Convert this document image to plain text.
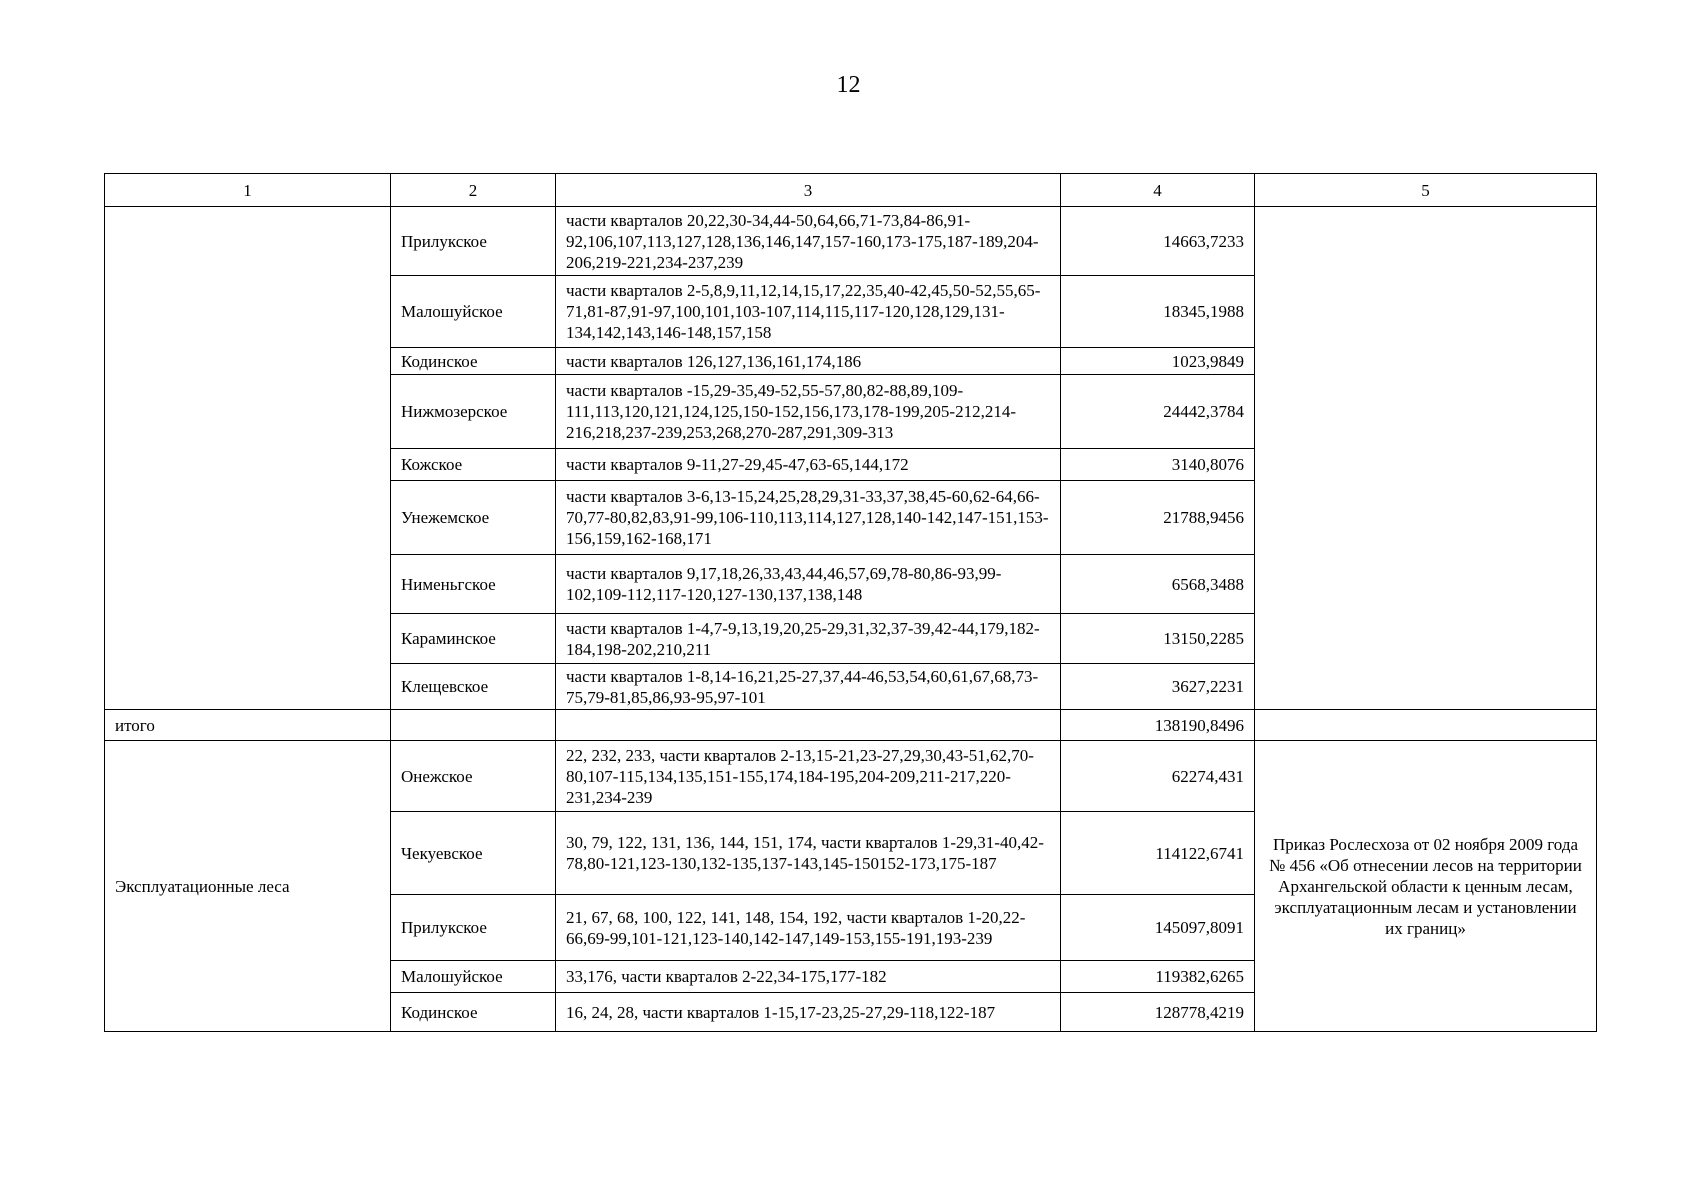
12
1	2	3	4	5
	Прилукское	части кварталов 20,22,30-34,44-50,64,66,71-73,84-86,91-92,106,107,113,127,128,136,146,147,157-160,173-175,187-189,204-206,219-221,234-237,239	14663,7233	
	Малошуйское	части кварталов 2-5,8,9,11,12,14,15,17,22,35,40-42,45,50-52,55,65-71,81-87,91-97,100,101,103-107,114,115,117-120,128,129,131-134,142,143,146-148,157,158	18345,1988	
	Кодинское	части кварталов 126,127,136,161,174,186	1023,9849	
	Нижмозерское	части кварталов -15,29-35,49-52,55-57,80,82-88,89,109-111,113,120,121,124,125,150-152,156,173,178-199,205-212,214-216,218,237-239,253,268,270-287,291,309-313	24442,3784	
	Кожское	части кварталов 9-11,27-29,45-47,63-65,144,172	3140,8076	
	Унежемское	части кварталов 3-6,13-15,24,25,28,29,31-33,37,38,45-60,62-64,66-70,77-80,82,83,91-99,106-110,113,114,127,128,140-142,147-151,153-156,159,162-168,171	21788,9456	
	Нименьгское	части кварталов 9,17,18,26,33,43,44,46,57,69,78-80,86-93,99-102,109-112,117-120,127-130,137,138,148	6568,3488	
	Караминское	части кварталов 1-4,7-9,13,19,20,25-29,31,32,37-39,42-44,179,182-184,198-202,210,211	13150,2285	
	Клещевское	части кварталов 1-8,14-16,21,25-27,37,44-46,53,54,60,61,67,68,73-75,79-81,85,86,93-95,97-101	3627,2231	
итого			138190,8496	
Эксплуатационные леса	Онежское	22, 232, 233, части кварталов 2-13,15-21,23-27,29,30,43-51,62,70-80,107-115,134,135,151-155,174,184-195,204-209,211-217,220-231,234-239	62274,431	Приказ Рослесхоза от 02 ноября 2009 года № 456 «Об отнесении лесов на территории Архангельской области к ценным лесам, эксплуатационным лесам и установлении их границ»
	Чекуевское	30, 79, 122, 131, 136, 144, 151, 174, части кварталов 1-29,31-40,42-78,80-121,123-130,132-135,137-143,145-150152-173,175-187	114122,6741	
	Прилукское	21, 67, 68, 100, 122, 141, 148, 154, 192, части кварталов 1-20,22-66,69-99,101-121,123-140,142-147,149-153,155-191,193-239	145097,8091	
	Малошуйское	33,176, части кварталов 2-22,34-175,177-182	119382,6265	
	Кодинское	16, 24, 28, части кварталов 1-15,17-23,25-27,29-118,122-187	128778,4219	
